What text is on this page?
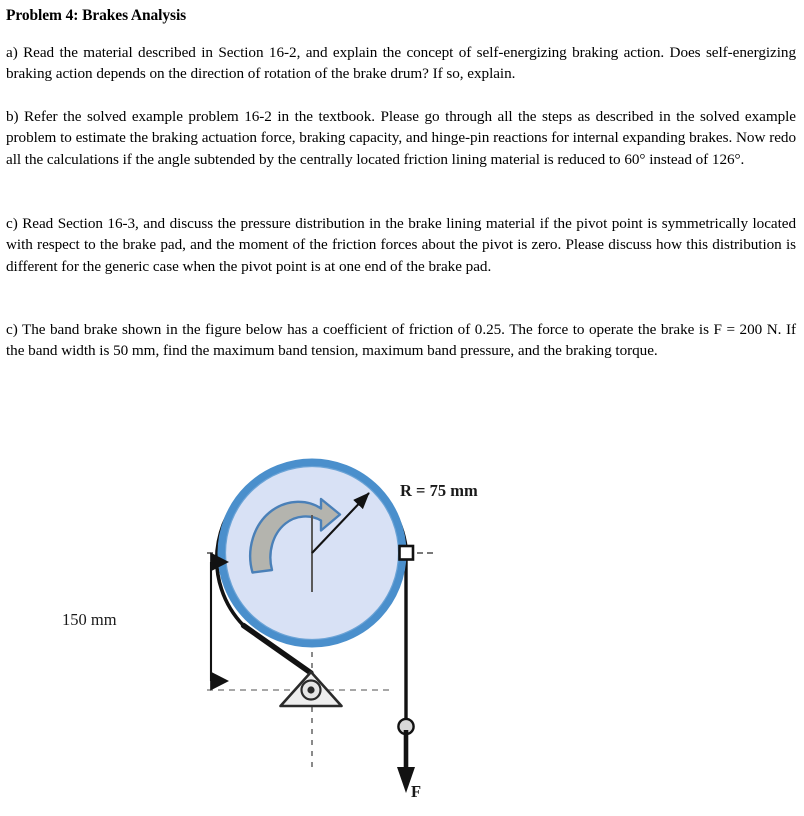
Problem 4: Brakes Analysis
a) Read the material described in Section 16-2, and explain the concept of self-energizing braking action. Does self-energizing braking action depends on the direction of rotation of the brake drum? If so, explain.
b) Refer the solved example problem 16-2 in the textbook. Please go through all the steps as described in the solved example problem to estimate the braking actuation force, braking capacity, and hinge-pin reactions for internal expanding brakes. Now redo all the calculations if the angle subtended by the centrally located friction lining material is reduced to 60° instead of 126°.
c) Read Section 16-3, and discuss the pressure distribution in the brake lining material if the pivot point is symmetrically located with respect to the brake pad, and the moment of the friction forces about the pivot is zero. Please discuss how this distribution is different for the generic case when the pivot point is at one end of the brake pad.
c) The band brake shown in the figure below has a coefficient of friction of 0.25. The force to operate the brake is F = 200 N. If the band width is 50 mm, find the maximum band tension, maximum band pressure, and the braking torque.
R = 75 mm
150 mm
F
